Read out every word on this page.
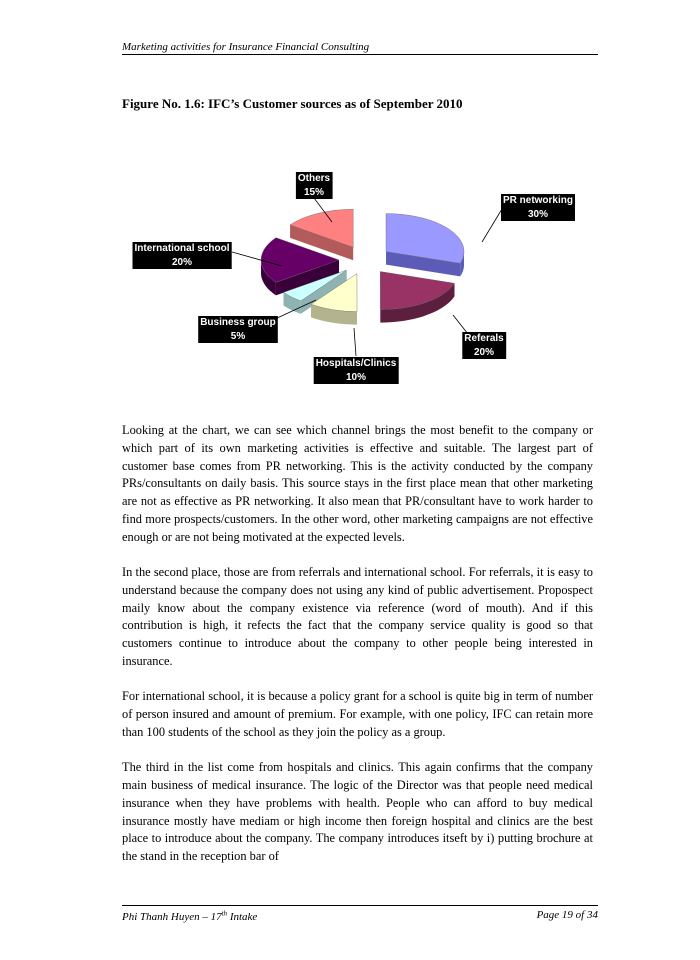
Marketing activities for Insurance Financial Consulting
Figure No. 1.6: IFC’s Customer sources as of September 2010
PR networking
30%
Referals
20%
Hospitals/Clinics
10%
Business group
5%
International school
20%
Others
15%

Looking at the chart, we can see which channel brings the most benefit to the company or which part of its own marketing activities is effective and suitable. The largest part of customer base comes from PR networking. This is the activity conducted by the company PRs/consultants on daily basis. This source stays in the first place mean that other marketing are not as effective as PR networking. It also mean that PR/consultant have to work harder to find more prospects/customers. In the other word, other marketing campaigns are not effective enough or are not being motivated at the expected levels.

In the second place, those are from referrals and international school. For referrals, it is easy to understand because the company does not using any kind of public advertisement. Propospect maily know about the company existence via reference (word of mouth). And if this contribution is high, it refects the fact that the company service quality is good so that customers continue to introduce about the company to other people being interested in insurance.

For international school, it is because a policy grant for a school is quite big in term of number of person insured and amount of premium. For example, with one policy, IFC can retain more than 100 students of the school as they join the policy as a group.

The third in the list come from hospitals and clinics. This again confirms that the company main business of medical insurance. The logic of the Director was that people need medical insurance when they have problems with health. People who can afford to buy medical insurance mostly have mediam or high income then foreign hospital and clinics are the best place to introduce about the company. The company introduces itseft by i) putting brochure at the stand in the reception bar of

Phi Thanh Huyen – 17th Intake	Page 19 of 34
